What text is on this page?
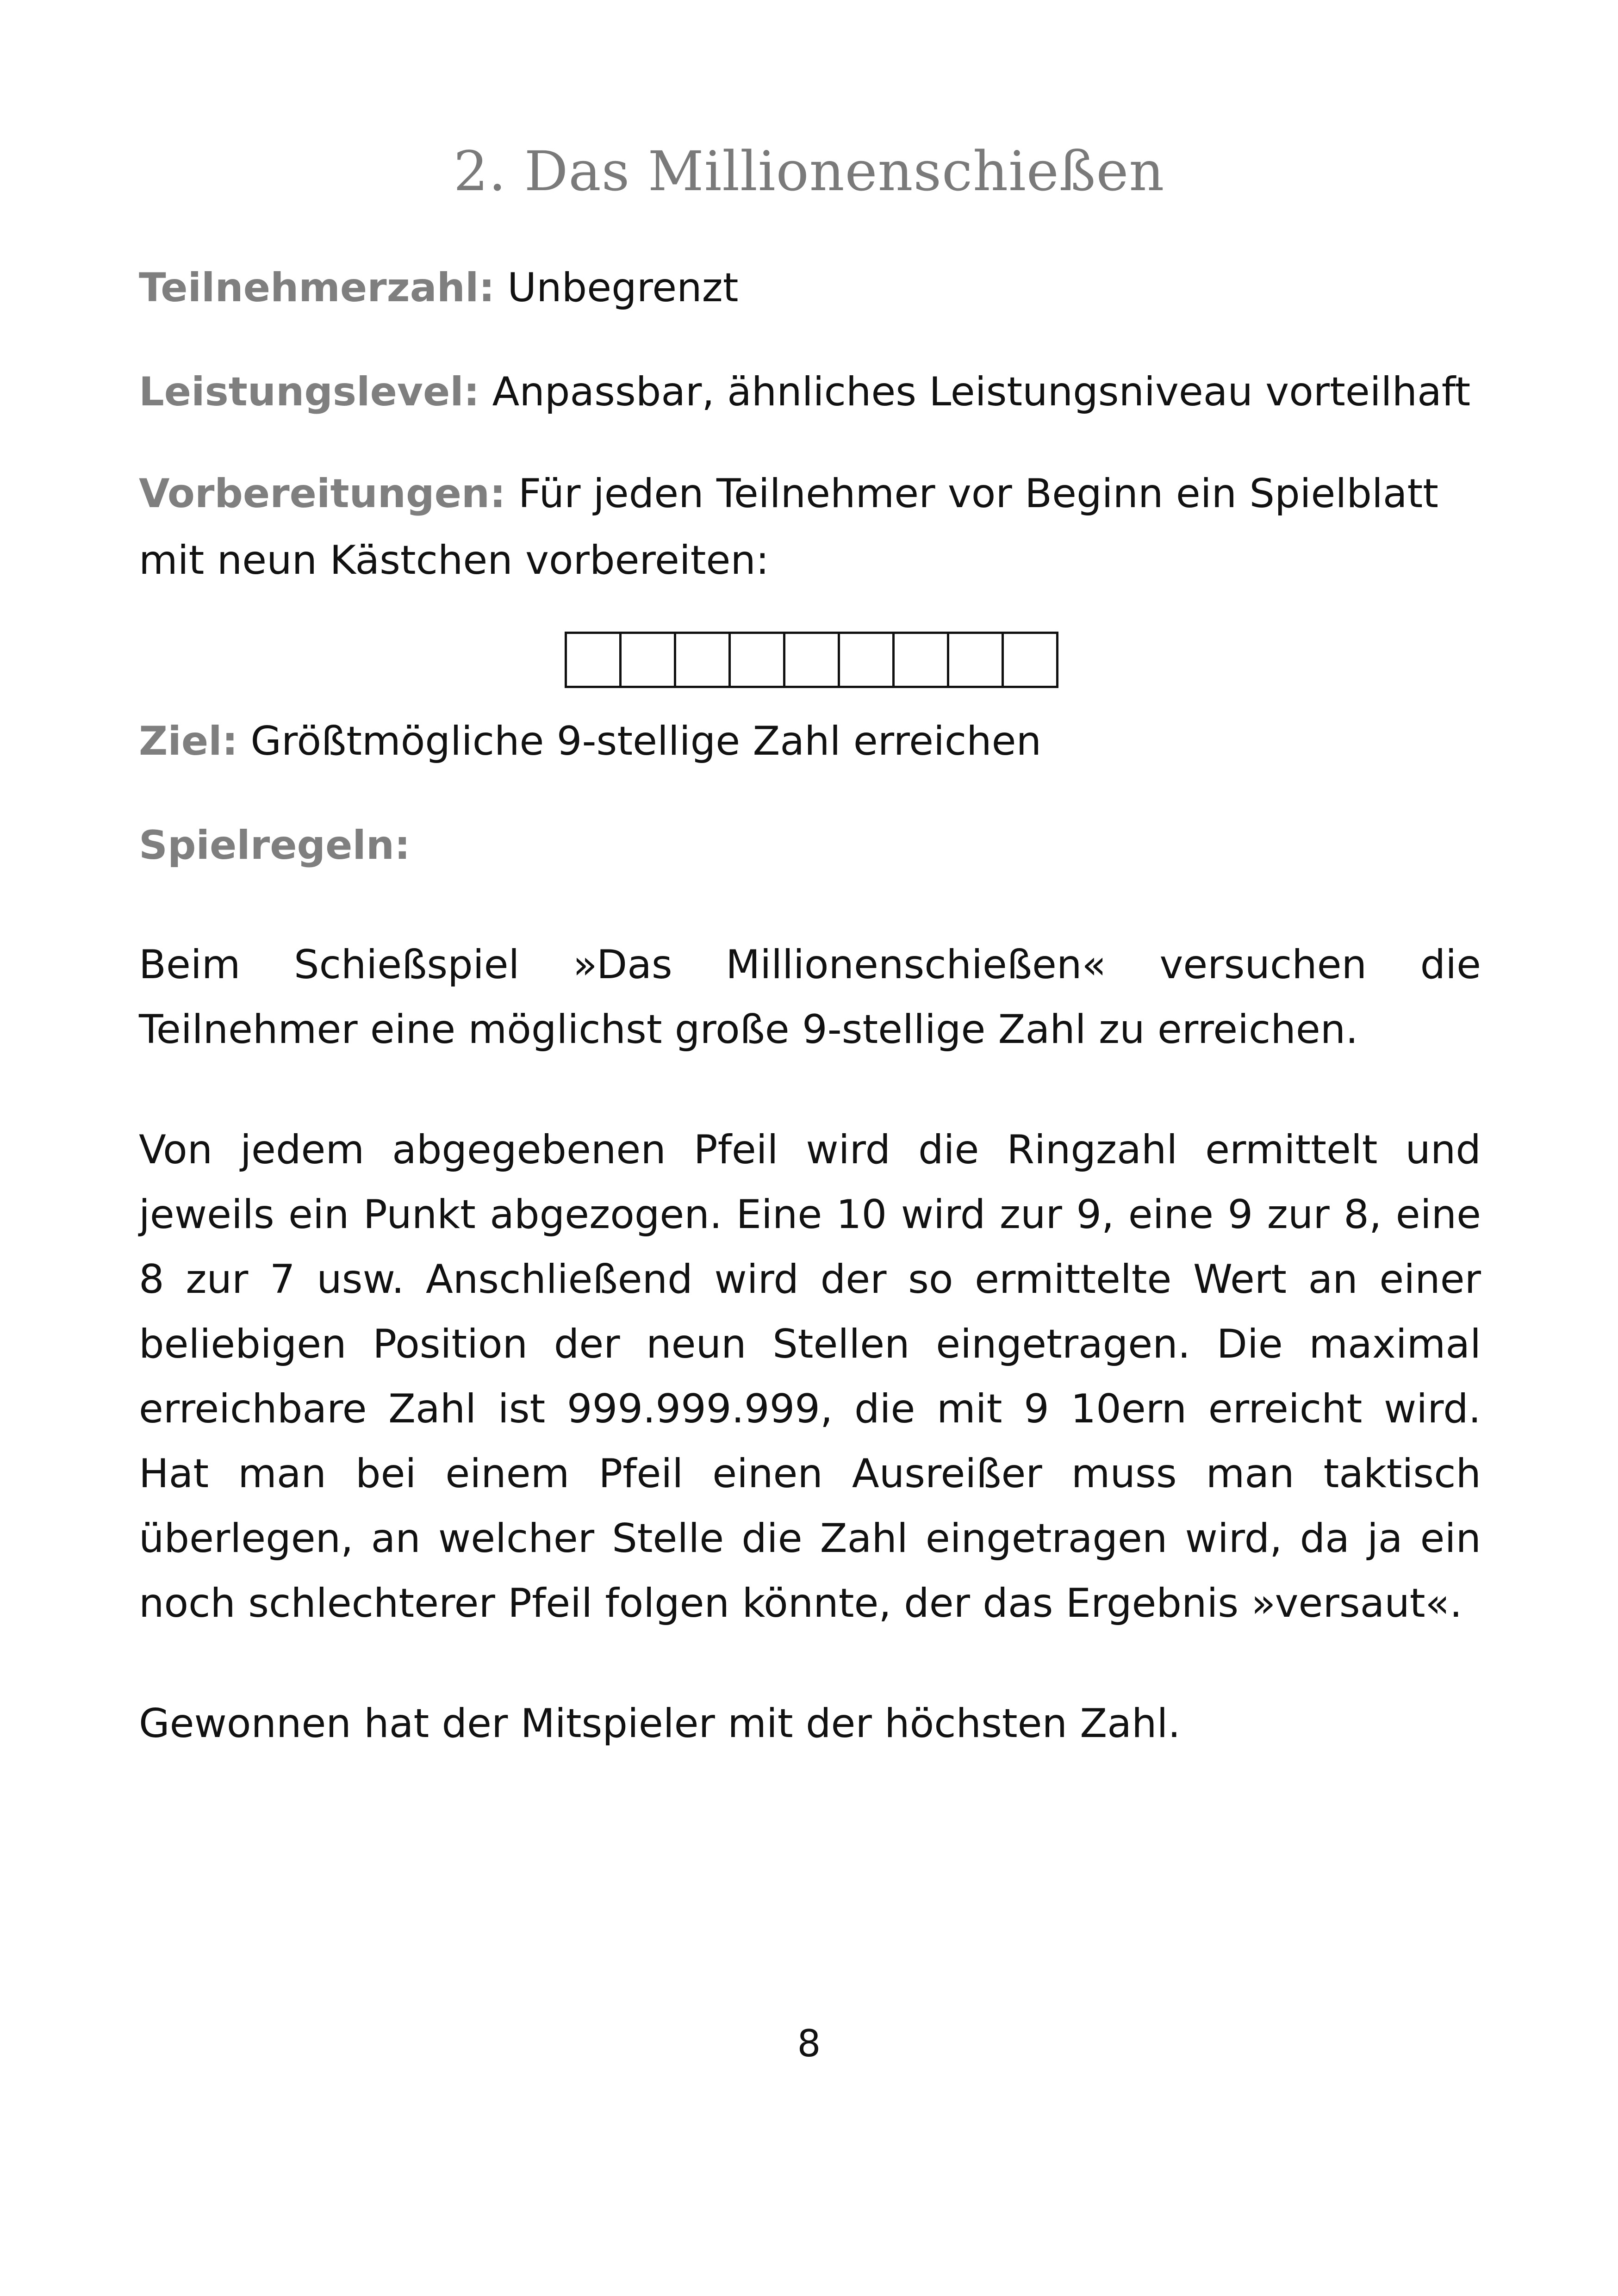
2. Das Millionenschießen
Teilnehmerzahl: Unbegrenzt
Leistungslevel: Anpassbar, ähnliches Leistungsniveau vorteilhaft
Vorbereitungen: Für jeden Teilnehmer vor Beginn ein Spielblatt mit neun Kästchen vorbereiten:
Ziel: Größtmögliche 9-stellige Zahl erreichen
Spielregeln:
Beim Schießspiel »Das Millionenschießen« versuchen die Teilnehmer eine möglichst große 9-stellige Zahl zu erreichen.
Von jedem abgegebenen Pfeil wird die Ringzahl ermittelt und jeweils ein Punkt abgezogen. Eine 10 wird zur 9, eine 9 zur 8, eine 8 zur 7 usw. Anschließend wird der so ermittelte Wert an einer beliebigen Position der neun Stellen eingetragen. Die maximal erreichbare Zahl ist 999.999.999, die mit 9 10ern erreicht wird. Hat man bei einem Pfeil einen Ausreißer muss man taktisch überlegen, an welcher Stelle die Zahl eingetragen wird, da ja ein noch schlechterer Pfeil folgen könnte, der das Ergebnis »versaut«.
Gewonnen hat der Mitspieler mit der höchsten Zahl.
8
